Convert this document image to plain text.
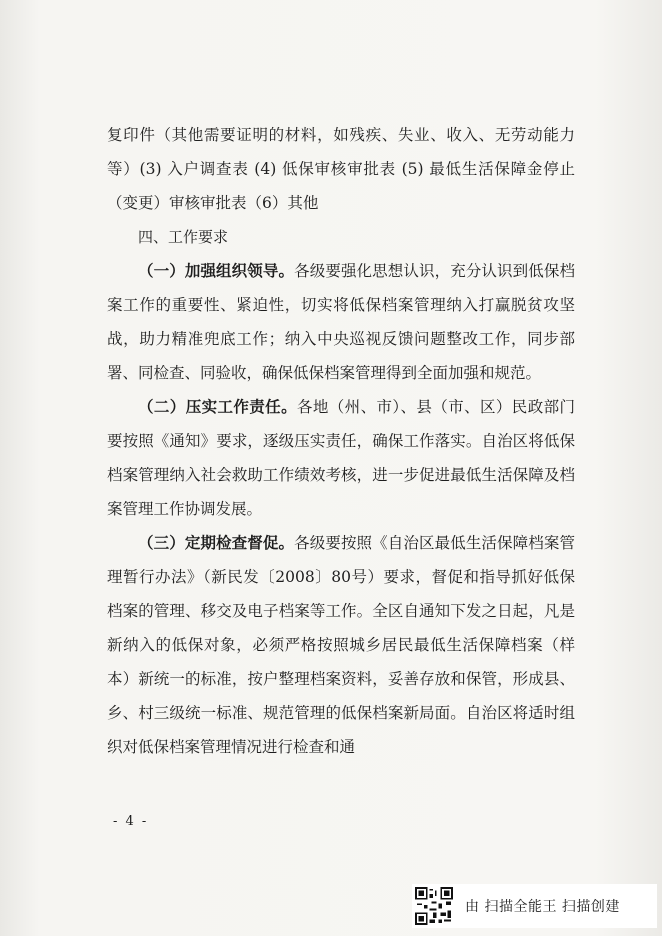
复印件（其他需要证明的材料，如残疾、失业、收入、无劳动能力等）(3) 入户调查表 (4) 低保审核审批表 (5) 最低生活保障金停止（变更）审核审批表（6）其他

四、工作要求

（一）加强组织领导。各级要强化思想认识，充分认识到低保档案工作的重要性、紧迫性，切实将低保档案管理纳入打赢脱贫攻坚战，助力精准兜底工作；纳入中央巡视反馈问题整改工作，同步部署、同检查、同验收，确保低保档案管理得到全面加强和规范。

（二）压实工作责任。各地（州、市）、县（市、区）民政部门要按照《通知》要求，逐级压实责任，确保工作落实。自治区将低保档案管理纳入社会救助工作绩效考核，进一步促进最低生活保障及档案管理工作协调发展。

（三）定期检查督促。各级要按照《自治区最低生活保障档案管理暂行办法》（新民发〔2008〕80号）要求，督促和指导抓好低保档案的管理、移交及电子档案等工作。全区自通知下发之日起，凡是新纳入的低保对象，必须严格按照城乡居民最低生活保障档案（样本）新统一的标准，按户整理档案资料，妥善存放和保管，形成县、乡、村三级统一标准、规范管理的低保档案新局面。自治区将适时组织对低保档案管理情况进行检查和通

- 4 -
由 扫描全能王 扫描创建
